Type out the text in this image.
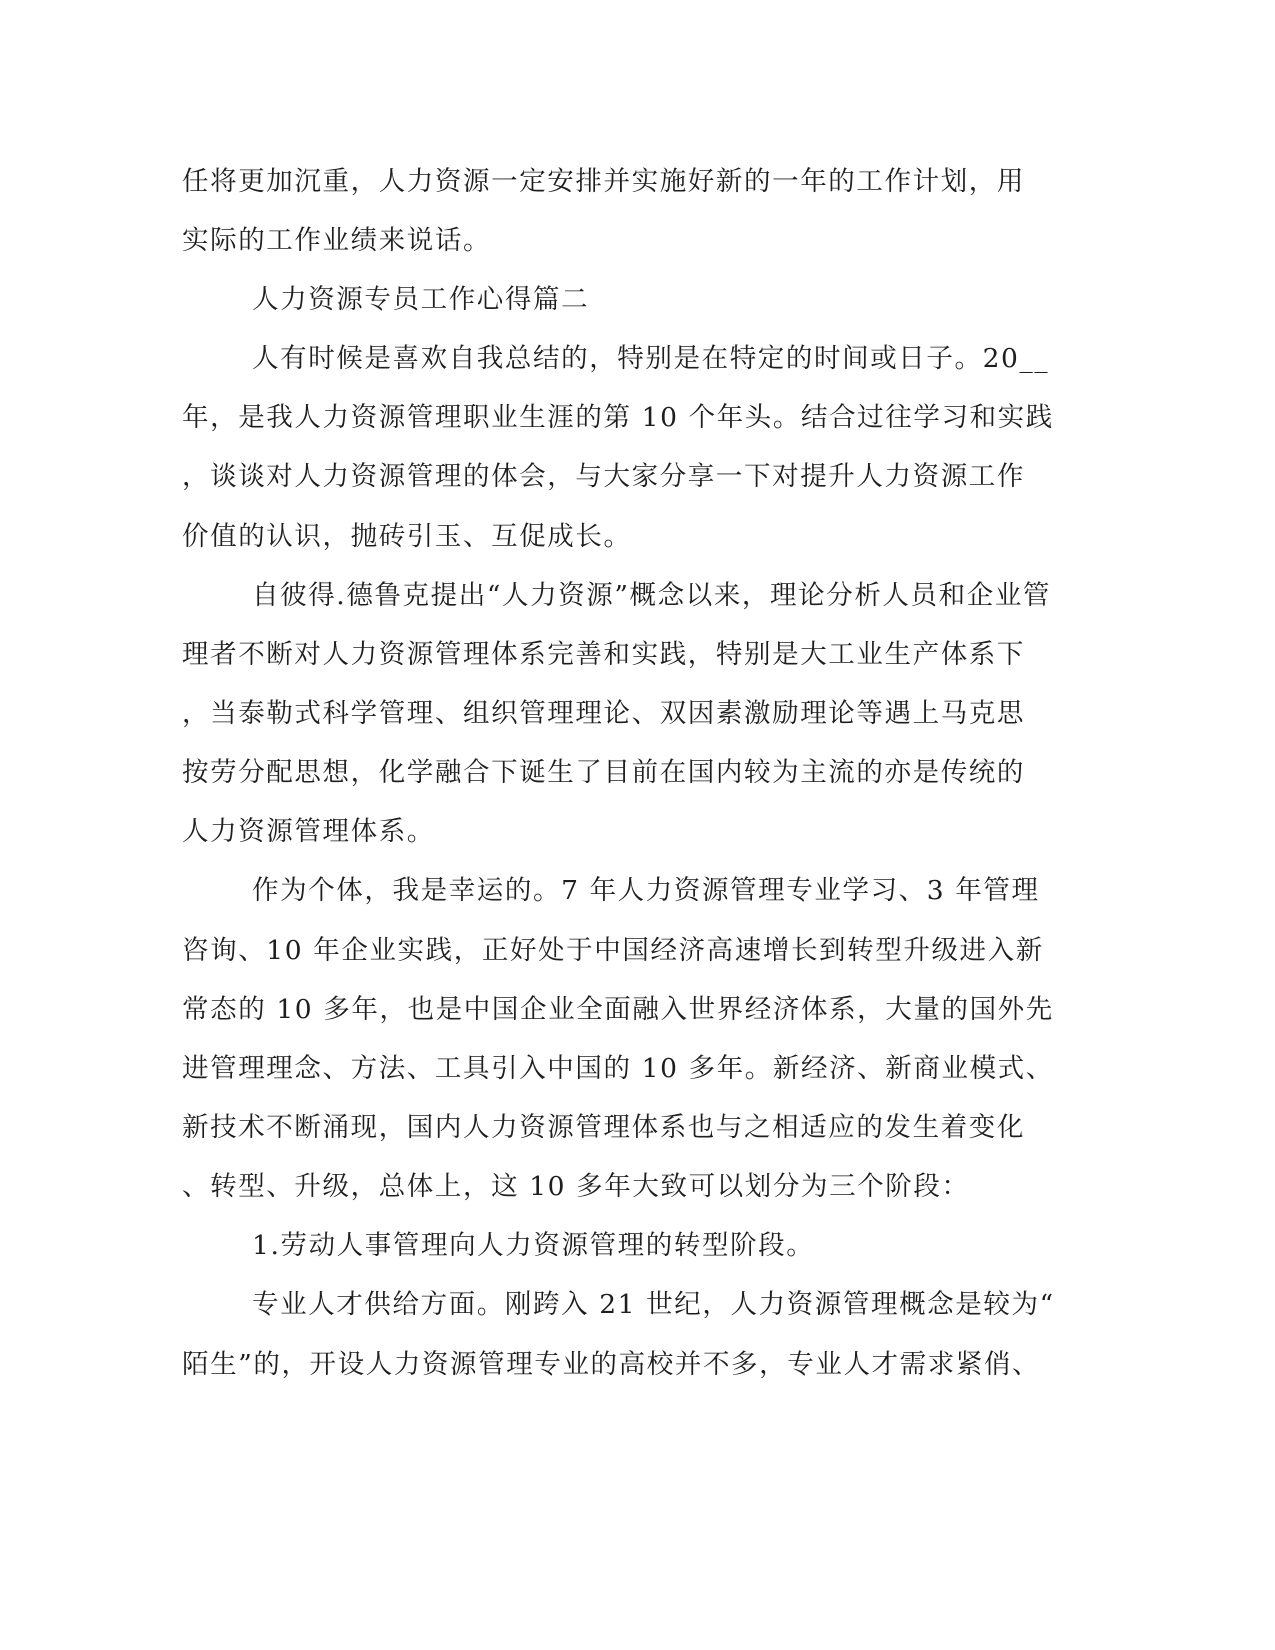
任将更加沉重，人力资源一定安排并实施好新的一年的工作计划，用
实际的工作业绩来说话。
人力资源专员工作心得篇二
人有时候是喜欢自我总结的，特别是在特定的时间或日子。20__
年，是我人力资源管理职业生涯的第 10 个年头。结合过往学习和实践
，谈谈对人力资源管理的体会，与大家分享一下对提升人力资源工作
价值的认识，抛砖引玉、互促成长。
自彼得.德鲁克提出“人力资源”概念以来，理论分析人员和企业管
理者不断对人力资源管理体系完善和实践，特别是大工业生产体系下
，当泰勒式科学管理、组织管理理论、双因素激励理论等遇上马克思
按劳分配思想，化学融合下诞生了目前在国内较为主流的亦是传统的
人力资源管理体系。
作为个体，我是幸运的。7 年人力资源管理专业学习、3 年管理
咨询、10 年企业实践，正好处于中国经济高速增长到转型升级进入新
常态的 10 多年，也是中国企业全面融入世界经济体系，大量的国外先
进管理理念、方法、工具引入中国的 10 多年。新经济、新商业模式、
新技术不断涌现，国内人力资源管理体系也与之相适应的发生着变化
、转型、升级，总体上，这 10 多年大致可以划分为三个阶段：
1.劳动人事管理向人力资源管理的转型阶段。
专业人才供给方面。刚跨入 21 世纪，人力资源管理概念是较为“
陌生”的，开设人力资源管理专业的高校并不多，专业人才需求紧俏、
